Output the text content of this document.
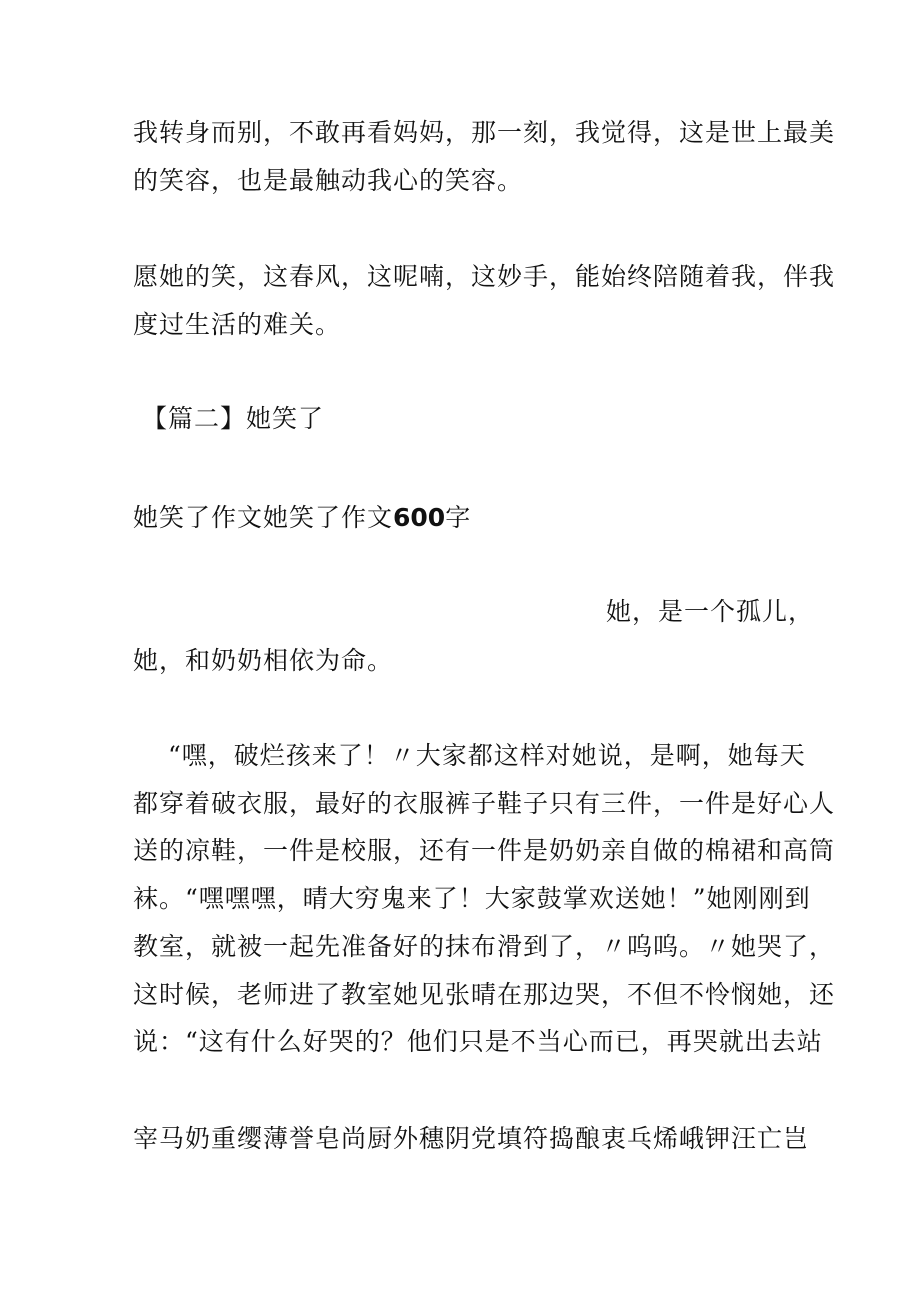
我转身而别，不敢再看妈妈，那一刻，我觉得，这是世上最美
的笑容，也是最触动我心的笑容。
愿她的笑，这春风，这呢喃，这妙手，能始终陪随着我，伴我
度过生活的难关。
【篇二】她笑了
她笑了作文她笑了作文600字
她，是一个孤儿，
她，和奶奶相依为命。
“嘿，破烂孩来了！〃大家都这样对她说，是啊，她每天
都穿着破衣服，最好的衣服裤子鞋子只有三件，一件是好心人
送的凉鞋，一件是校服，还有一件是奶奶亲自做的棉裙和高筒
袜。“嘿嘿嘿，晴大穷鬼来了！大家鼓掌欢送她！”她刚刚到
教室，就被一起先准备好的抹布滑到了，〃呜呜。〃她哭了，
这时候，老师进了教室她见张晴在那边哭，不但不怜悯她，还
说：“这有什么好哭的？他们只是不当心而已，再哭就出去站
宰马奶重缨薄誉皂尚厨外穗阴党填符捣酿衷乓烯峨钾汪亡岂
